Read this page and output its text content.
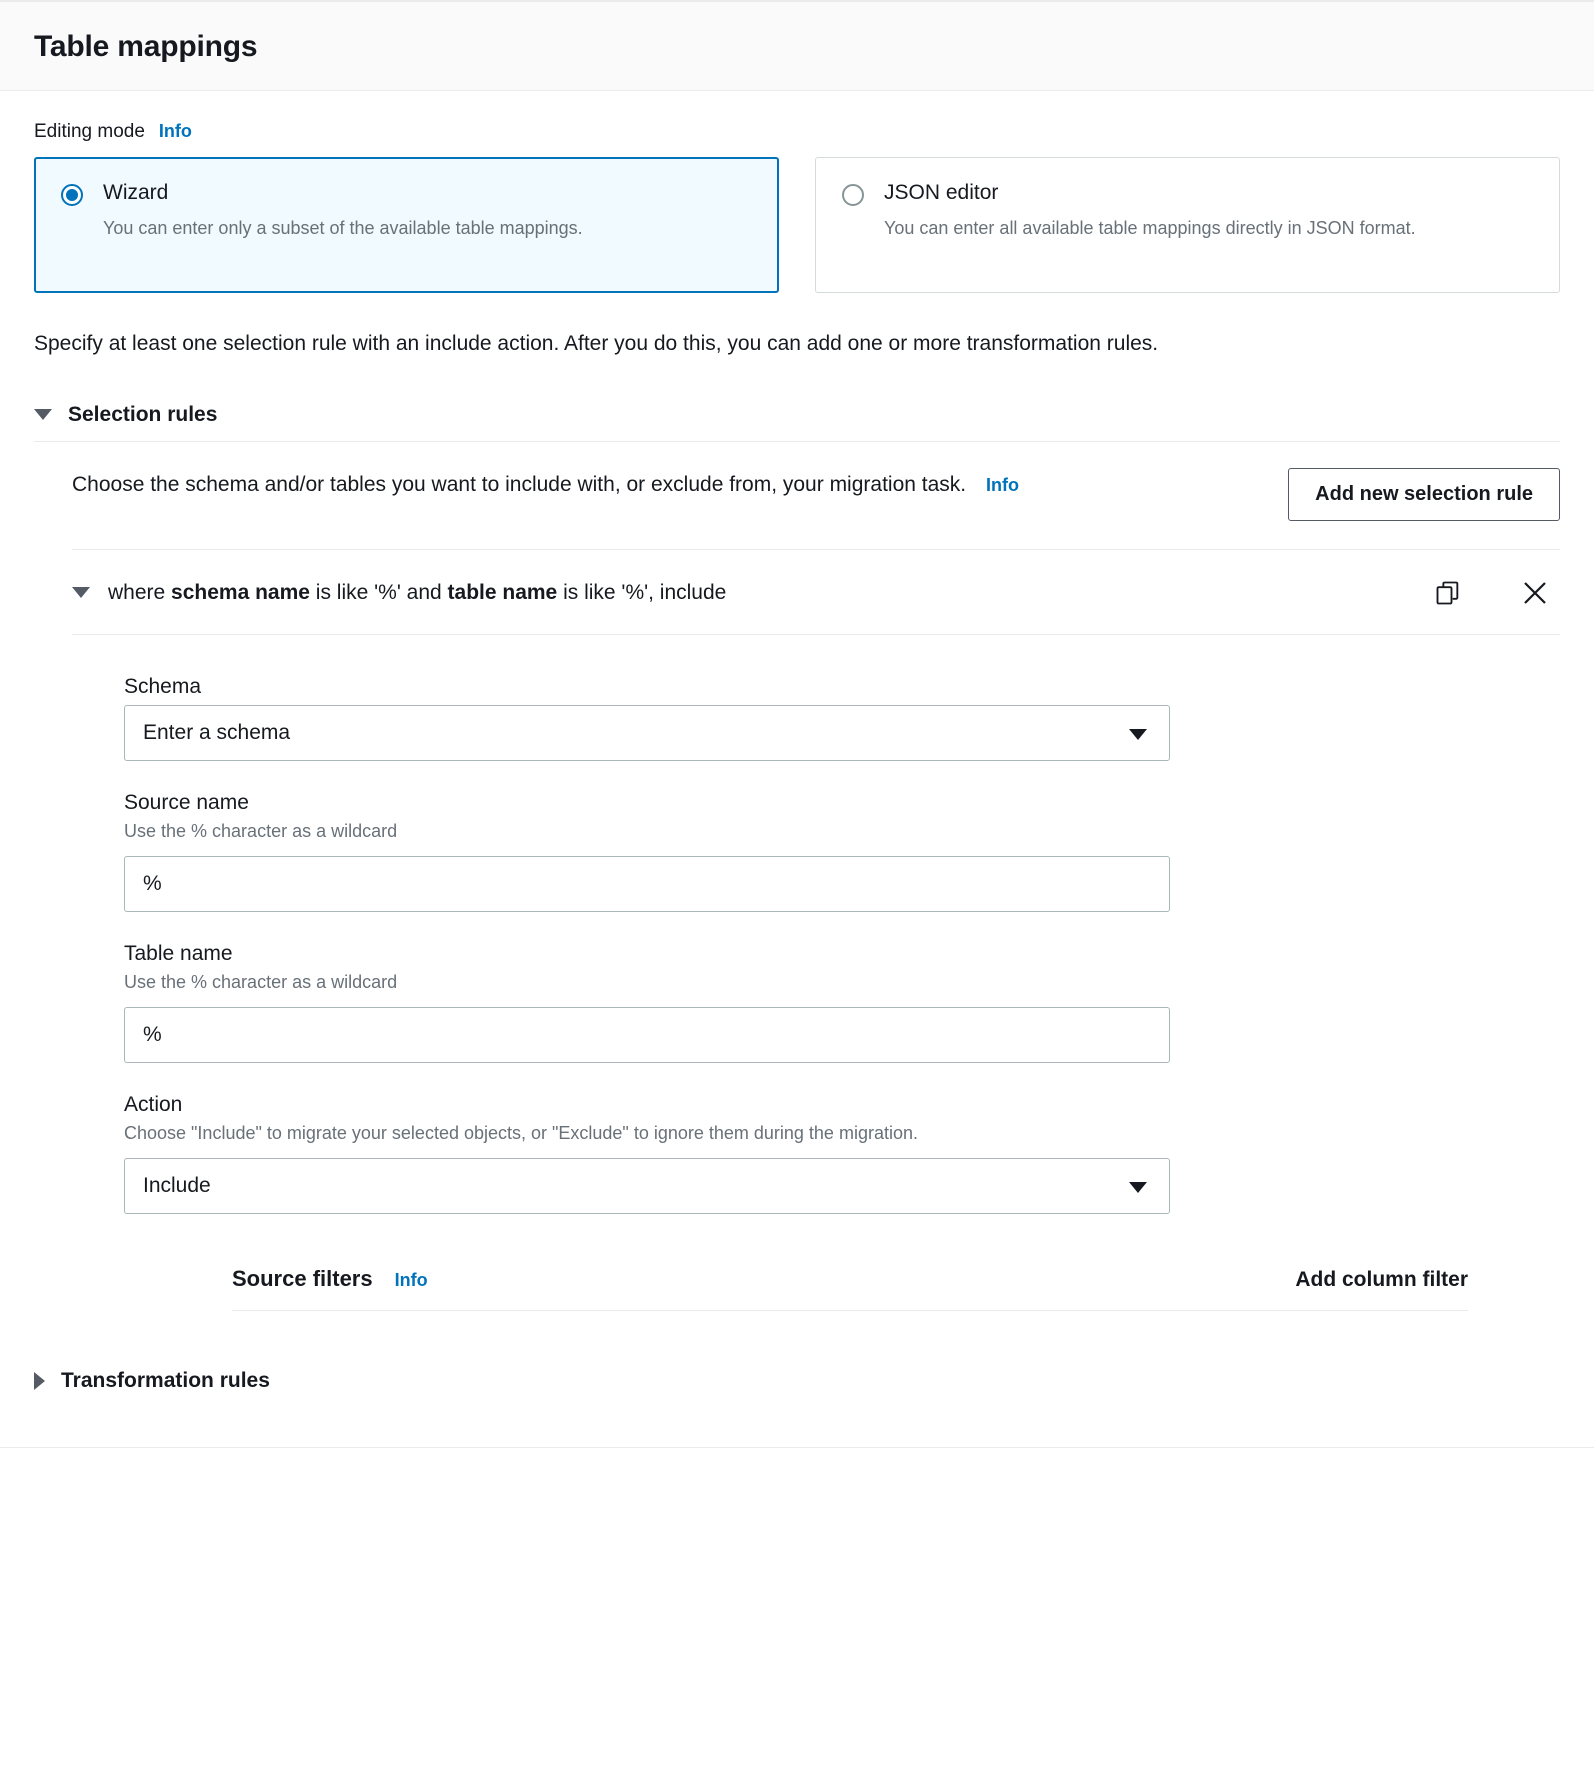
Table mappings
Editing mode Info
Wizard
You can enter only a subset of the available table mappings.
JSON editor
You can enter all available table mappings directly in JSON format.

Specify at least one selection rule with an include action. After you do this, you can add one or more transformation rules.

Selection rules
Choose the schema and/or tables you want to include with, or exclude from, your migration task. Info	Add new selection rule
where schema name is like '%' and table name is like '%', include
Schema
Enter a schema
Source name
Use the % character as a wildcard
%
Table name
Use the % character as a wildcard
%
Action
Choose "Include" to migrate your selected objects, or "Exclude" to ignore them during the migration.
Include
Source filters Info	Add column filter
Transformation rules
